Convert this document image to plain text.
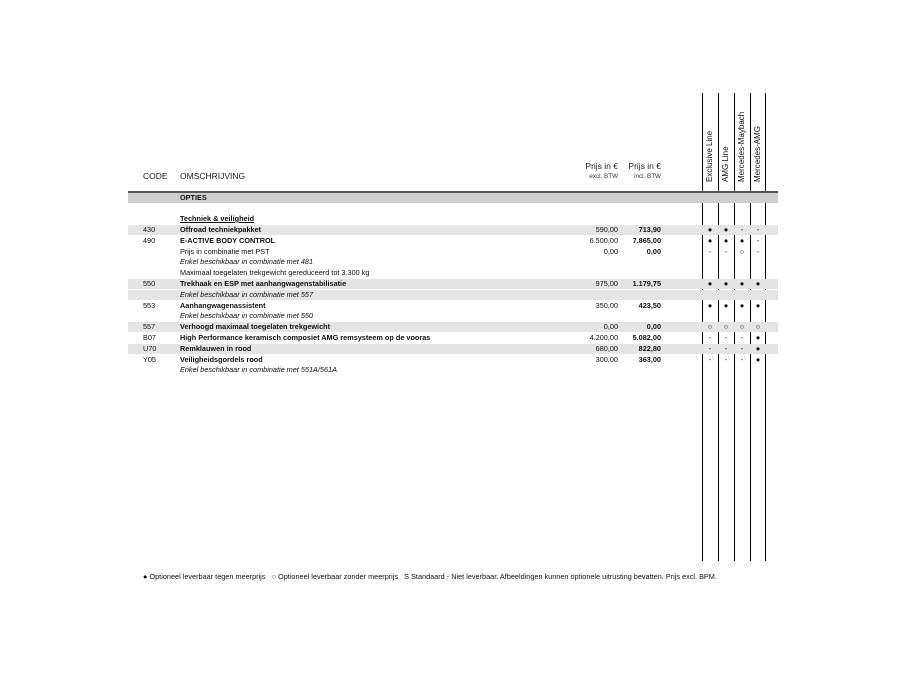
CODE OMSCHRIJVING
Prijs in €
excl. BTW
Prijs in €
incl. BTW	Exclusive Line AMG Line Mercedes-Maybach Mercedes-AMG
OPTIES
Techniek & veiligheid
430	Offroad techniekpakket	590,00	713,90	●	●	-	-
490	E-ACTIVE BODY CONTROL	6.500,00	7.865,00	●	●	●	-
Prijs in combinatie met PST	0,00	0,00	-	-	○	-
Enkel beschikbaar in combinatie met 481
Maximaal toegelaten trekgewicht gereduceerd tot 3.300 kg
550	Trekhaak en ESP met aanhangwagenstabilisatie	975,00	1.179,75	●	●	●	●
Enkel beschikbaar in combinatie met 557
553	Aanhangwagenassistent	350,00	423,50	●	●	●	●
Enkel beschikbaar in combinatie met 550
557	Verhoogd maximaal toegelaten trekgewicht	0,00	0,00	○	○	○	○
B07	High Performance keramisch composiet AMG remsysteem op de vooras	4.200,00	5.082,00	-	-	-	●
U70	Remklauwen in rood	680,00	822,80	-	-	-	●
Y05	Veiligheidsgordels rood	300,00	363,00	-	-	-	●
Enkel beschikbaar in combinatie met 551A/561A
● Optioneel leverbaar tegen meerprijs ○ Optioneel leverbaar zonder meerprijs S Standaard - Niet leverbaar. Afbeeldingen kunnen optionele uitrusting bevatten. Prijs excl. BPM.
